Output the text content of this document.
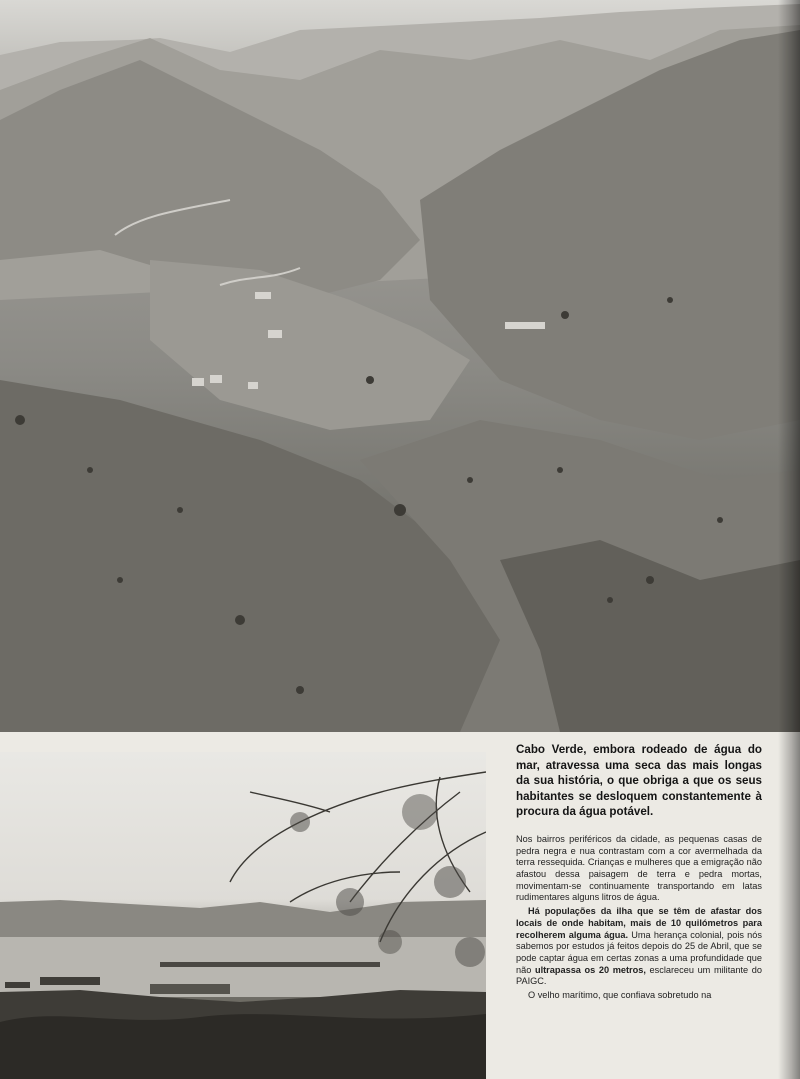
Cabo Verde, embora rodeado de água do mar, atravessa uma seca das mais longas da sua história, o que obriga a que os seus habitantes se desloquem constantemente à procura da água potável.

Nos bairros periféricos da cidade, as pequenas casas de pedra negra e nua contrastam com a cor avermelhada da terra ressequida. Crianças e mulheres que a emigração não afastou dessa paisagem de terra e pedra mortas, movimentam-se continuamente transportando em latas rudimentares alguns litros de água.

Há populações da ilha que se têm de afastar dos locais de onde habitam, mais de 10 quilómetros para recolherem alguma água. Uma herança colonial, pois nós sabemos por estudos já feitos depois do 25 de Abril, que se pode captar água em certas zonas a uma profundidade que não ultrapassa os 20 metros, esclareceu um militante do PAIGC.

O velho marítimo, que confiava sobretudo na
